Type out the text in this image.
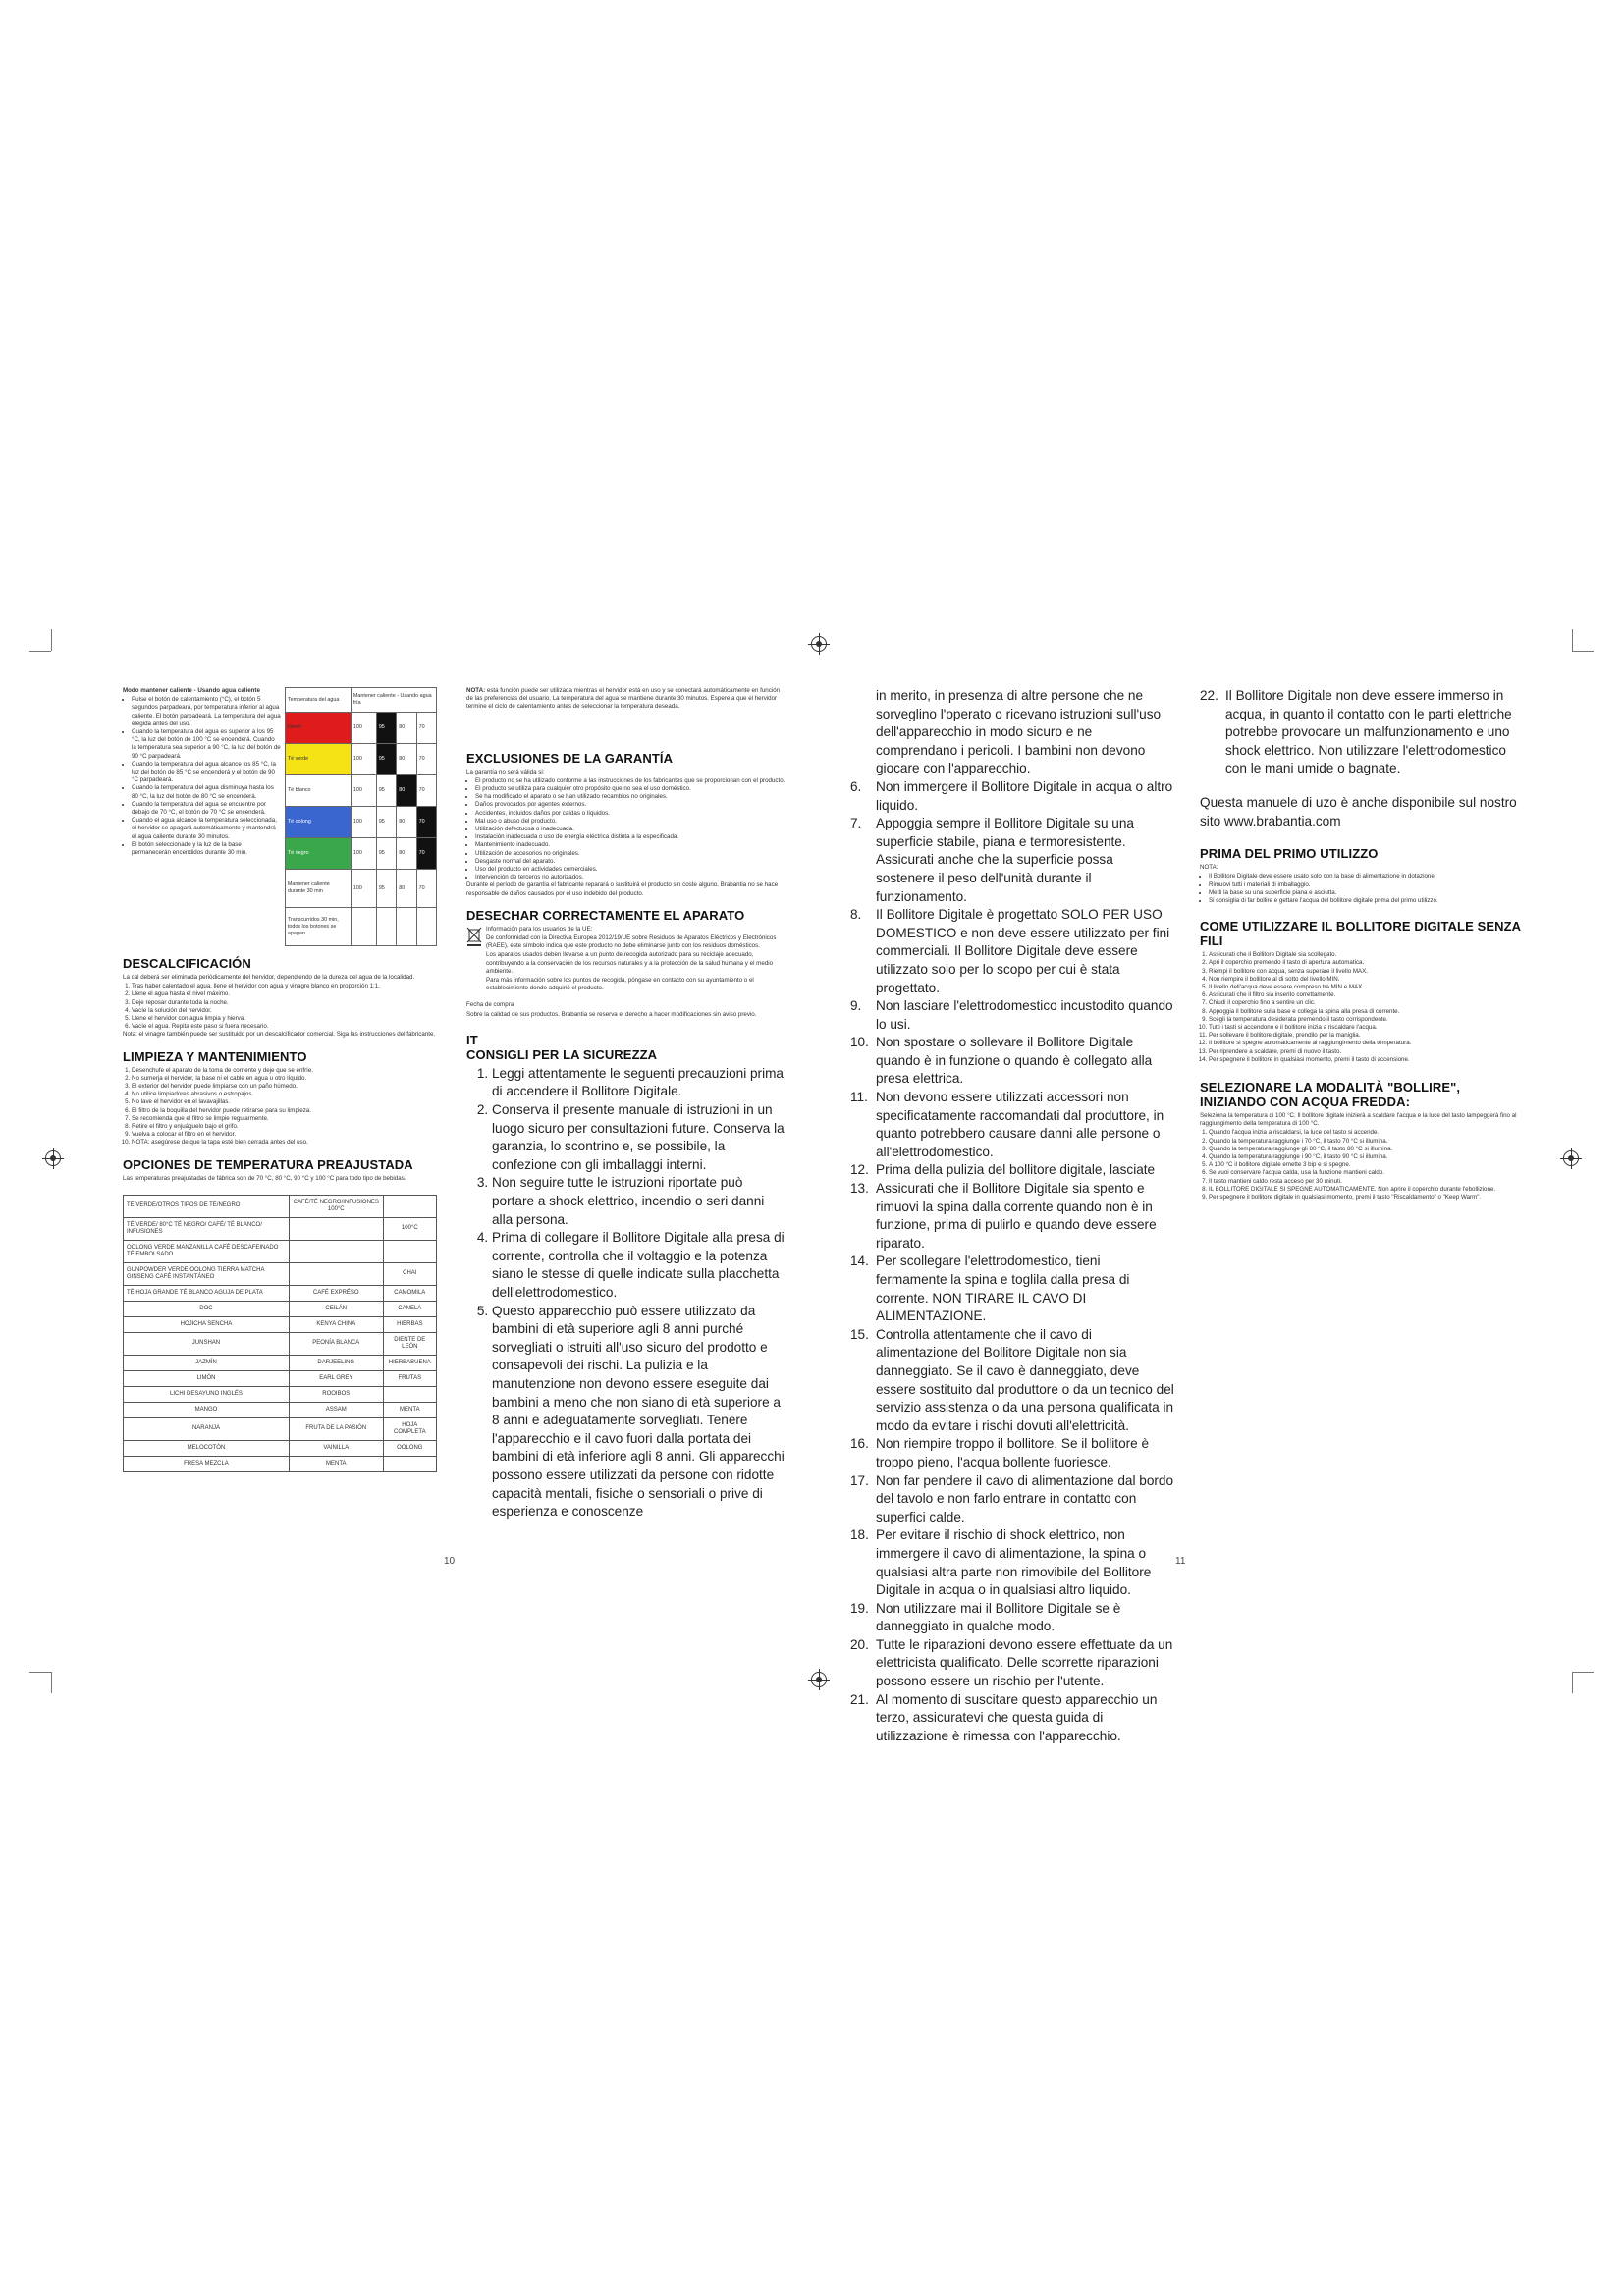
Modo mantener caliente - Usando agua caliente

• Pulse el botón de calentamiento (°C), el botón 5 segundos parpadeará, por temperatura inferior al agua caliente. El botón parpadeará. La temperatura del agua elegida antes del uso.
• Cuando la temperatura del agua es superior a los 95 °C, la luz del botón de 100 °C se encenderá. Cuando la temperatura sea superior a 90 °C, la luz del botón de 90 °C parpadeará.
• Cuando la temperatura del agua alcance los 85 °C, la luz del botón de 85 °C se encenderá y el botón de 90 °C parpadeará.
• Cuando la temperatura del agua disminuya hasta los 80 °C, la luz del botón de 80 °C se encenderá.
• Cuando la temperatura del agua se encuentre por debajo de 70 °C, el botón de 70 °C se encenderá.
• Cuando el agua alcance la temperatura seleccionada, el hervidor se apagará automáticamente y mantendrá el agua caliente durante 30 minutos.
• El botón seleccionado y la luz de la base permanecerán encendidos durante 30 min.
Temperatura del agua	Mantener caliente - Usando agua fría			
Hervir	100	95	80	70
Té verde	100	95	80	70
Té blanco	100	95	80	70
Té oolong	100	95	80	70
Té negro	100	95	80	70
Mantener caliente durante 30 min	100	95	80	70
Transcurridos 30 min, todos los botones se apagan				
DESCALCIFICACIÓN

La cal deberá ser eliminada periódicamente del hervidor, dependiendo de la dureza del agua de la localidad.

1. Tras haber calentado el agua, llene el hervidor con agua y vinagre blanco en proporción 1:1.
2. Llene el agua hasta el nivel máximo.
3. Deje reposar durante toda la noche.
4. Vacíe la solución del hervidor.
5. Llene el hervidor con agua limpia y hierva.
6. Vacíe el agua. Repita este paso si fuera necesario.

Nota: el vinagre también puede ser sustituido por un descalcificador comercial. Siga las instrucciones del fabricante.

LIMPIEZA Y MANTENIMIENTO
1. Desenchufe el aparato de la toma de corriente y deje que se enfríe.
2. No sumerja el hervidor, la base ni el cable en agua u otro líquido.
3. El exterior del hervidor puede limpiarse con un paño húmedo.
4. No utilice limpiadores abrasivos o estropajos.
5. No lave el hervidor en el lavavajillas.
6. El filtro de la boquilla del hervidor puede retirarse para su limpieza.
7. Se recomienda que el filtro se limpie regularmente.
8. Retire el filtro y enjuáguelo bajo el grifo.
9. Vuelva a colocar el filtro en el hervidor.
10. NOTA: asegúrese de que la tapa esté bien cerrada antes del uso.
OPCIONES DE TEMPERATURA PREAJUSTADA

Las temperaturas preajustadas de fábrica son de 70 °C, 80 °C, 90 °C y 100 °C para todo tipo de bebidas.

TÉ VERDE/OTROS TIPOS DE TÉ/NEGRO	CAFÉ/TÉ NEGRO/INFUSIONES 100°C	
TÉ VERDE/ 80°C TÉ NEGRO/ CAFÉ/ TÉ BLANCO/ INFUSIONES		100°C
OOLONG VERDE MANZANILLA CAFÉ DESCAFEINADO TÉ EMBOLSADO		
GUNPOWDER VERDE OOLONG TIERRA MATCHA GINSENG CAFÉ INSTANTÁNEO		CHAI
TÉ HOJA GRANDE TÉ BLANCO AGUJA DE PLATA	CAFÉ EXPRÉSO	CAMOMILA
DOC	CEILÁN	CANELA
HOJICHA SENCHA	KENYA CHINA	HIERBAS
JUNSHAN	PEONÍA BLANCA	DIENTE DE LEÓN
JAZMÍN	DARJEELING	HIERBABUENA
LIMÓN	EARL GREY	FRUTAS
LICHI DESAYUNO INGLÉS	ROOIBOS	
MANGO	ASSAM	MENTA
NARANJA	FRUTA DE LA PASIÓN	HOJA COMPLETA
MELOCOTÓN	VAINILLA	OOLONG
FRESA MEZCLA	MENTA	
10

NOTA: esta función puede ser utilizada mientras el hervidor está en uso y se conectará automáticamente en función de las preferencias del usuario. La temperatura del agua se mantiene durante 30 minutos. Espere a que el hervidor termine el ciclo de calentamiento antes de seleccionar la temperatura deseada.

EXCLUSIONES DE LA GARANTÍA

La garantía no será válida si:

• El producto no se ha utilizado conforme a las instrucciones de los fabricantes que se proporcionan con el producto.
• El producto se utiliza para cualquier otro propósito que no sea el uso doméstico.
• Se ha modificado el aparato o se han utilizado recambios no originales.
• Daños provocados por agentes externos.
• Accidentes, incluidos daños por caídas o líquidos.
• Mal uso o abuso del producto.
• Utilización defectuosa o inadecuada.
• Instalación inadecuada o uso de energía eléctrica distinta a la especificada.
• Mantenimiento inadecuado.
• Utilización de accesorios no originales.
• Desgaste normal del aparato.
• Uso del producto en actividades comerciales.
• Intervención de terceros no autorizados.

Durante el período de garantía el fabricante reparará o sustituirá el producto sin coste alguno. Brabantia no se hace responsable de daños causados por el uso indebido del producto.

DESECHAR CORRECTAMENTE EL APARATO

Información para los usuarios de la UE:

De conformidad con la Directiva Europea 2012/19/UE sobre Residuos de Aparatos Eléctricos y Electrónicos (RAEE), este símbolo indica que este producto no debe eliminarse junto con los residuos domésticos.

Los aparatos usados deben llevarse a un punto de recogida autorizado para su reciclaje adecuado, contribuyendo a la conservación de los recursos naturales y a la protección de la salud humana y el medio ambiente.

Para más información sobre los puntos de recogida, póngase en contacto con su ayuntamiento o el establecimiento donde adquirió el producto.

Fecha de compra

Sobre la calidad de sus productos. Brabantia se reserva el derecho a hacer modificaciones sin aviso previo.

IT
CONSIGLI PER LA SICUREZZA
1. Leggi attentamente le seguenti precauzioni prima di accendere il Bollitore Digitale.
2. Conserva il presente manuale di istruzioni in un luogo sicuro per consultazioni future. Conserva la garanzia, lo scontrino e, se possibile, la confezione con gli imballaggi interni.
3. Non seguire tutte le istruzioni riportate può portare a shock elettrico, incendio o seri danni alla persona.
4. Prima di collegare il Bollitore Digitale alla presa di corrente, controlla che il voltaggio e la potenza siano le stesse di quelle indicate sulla placchetta dell'elettrodomestico.
5. Questo apparecchio può essere utilizzato da bambini di età superiore agli 8 anni purché sorvegliati o istruiti all'uso sicuro del prodotto e consapevoli dei rischi. La pulizia e la manutenzione non devono essere eseguite dai bambini a meno che non siano di età superiore a 8 anni e adeguatamente sorvegliati. Tenere l'apparecchio e il cavo fuori dalla portata dei bambini di età inferiore agli 8 anni. Gli apparecchi possono essere utilizzati da persone con ridotte capacità mentali, fisiche o sensoriali o prive di esperienza e conoscenze

in merito, in presenza di altre persone che ne sorveglino l'operato o ricevano istruzioni sull'uso dell'apparecchio in modo sicuro e ne comprendano i pericoli. I bambini non devono giocare con l'apparecchio.

6.	Non immergere il Bollitore Digitale in acqua o altro liquido.
7.	Appoggia sempre il Bollitore Digitale su una superficie stabile, piana e termoresistente. Assicurati anche che la superficie possa sostenere il peso dell'unità durante il funzionamento.
8.	Il Bollitore Digitale è progettato SOLO PER USO DOMESTICO e non deve essere utilizzato per fini commerciali. Il Bollitore Digitale deve essere utilizzato solo per lo scopo per cui è stata progettato.
9.	Non lasciare l'elettrodomestico incustodito quando lo usi.
10. Non spostare o sollevare il Bollitore Digitale quando è in funzione o quando è collegato alla presa elettrica.
11. Non devono essere utilizzati accessori non specificatamente raccomandati dal produttore, in quanto potrebbero causare danni alle persone o all'elettrodomestico.
12. Prima della pulizia del bollitore digitale, lasciate
13. Assicurati che il Bollitore Digitale sia spento e rimuovi la spina dalla corrente quando non è in funzione, prima di pulirlo e quando deve essere riparato.
14. Per scollegare l'elettrodomestico, tieni fermamente la spina e toglila dalla presa di corrente. NON TIRARE IL CAVO DI ALIMENTAZIONE.
15. Controlla attentamente che il cavo di alimentazione del Bollitore Digitale non sia danneggiato. Se il cavo è danneggiato, deve essere sostituito dal produttore o da un tecnico del servizio assistenza o da una persona qualificata in modo da evitare i rischi dovuti all'elettricità.
16. Non riempire troppo il bollitore. Se il bollitore è troppo pieno, l'acqua bollente fuoriesce.
17. Non far pendere il cavo di alimentazione dal bordo del tavolo e non farlo entrare in contatto con superfici calde.
18. Per evitare il rischio di shock elettrico, non immergere il cavo di alimentazione, la spina o qualsiasi altra parte non rimovibile del Bollitore Digitale in acqua o in qualsiasi altro liquido.
19. Non utilizzare mai il Bollitore Digitale se è danneggiato in qualche modo.
20. Tutte le riparazioni devono essere effettuate da un elettricista qualificato. Delle scorrette riparazioni possono essere un rischio per l'utente.
21. Al momento di suscitare questo apparecchio un terzo, assicuratevi che questa guida di utilizzazione è rimessa con l'apparecchio.
11
22. Il Bollitore Digitale non deve essere immerso in acqua, in quanto il contatto con le parti elettriche potrebbe provocare un malfunzionamento e uno shock elettrico. Non utilizzare l'elettrodomestico con le mani umide o bagnate.

Questa manuele di uzo è anche disponibile sul nostro sito www.brabantia.com

PRIMA DEL PRIMO UTILIZZO

NOTA:

• Il Bollitore Digitale deve essere usato solo con la base di alimentazione in dotazione.
• Rimuovi tutti i materiali di imballaggio.
• Metti la base su una superficie piana e asciutta.
• Si consiglia di far bollire e gettare l'acqua del bollitore digitale prima del primo utilizzo.
COME UTILIZZARE IL BOLLITORE DIGITALE SENZA FILI
1. Assicurati che il Bollitore Digitale sia scollegato.
2. Apri il coperchio premendo il tasto di apertura automatica.
3. Riempi il bollitore con acqua, senza superare il livello MAX.
4. Non riempire il bollitore al di sotto del livello MIN.
5. Il livello dell'acqua deve essere compreso tra MIN e MAX.
6. Assicurati che il filtro sia inserito correttamente.
7. Chiudi il coperchio fino a sentire un clic.
8. Appoggia il bollitore sulla base e collega la spina alla presa di corrente.
9. Scegli la temperatura desiderata premendo il tasto corrispondente.
10. Tutti i tasti si accendono e il bollitore inizia a riscaldare l'acqua.
11. Per sollevare il bollitore digitale, prendilo per la maniglia.
12. Il bollitore si spegne automaticamente al raggiungimento della temperatura.
13. Per riprendere a scaldare, premi di nuovo il tasto.
14. Per spegnere il bollitore in qualsiasi momento, premi il tasto di accensione.
SELEZIONARE LA MODALITÀ "BOLLIRE", INIZIANDO CON ACQUA FREDDA:

Seleziona la temperatura di 100 °C. Il bollitore digitale inizierà a scaldare l'acqua e la luce del tasto lampeggerà fino al raggiungimento della temperatura di 100 °C.

1. Quando l'acqua inizia a riscaldarsi, la luce del tasto si accende.
2. Quando la temperatura raggiunge i 70 °C, il tasto 70 °C si illumina.
3. Quando la temperatura raggiunge gli 80 °C, il tasto 80 °C si illumina.
4. Quando la temperatura raggiunge i 90 °C, il tasto 90 °C si illumina.
5. A 100 °C il bollitore digitale emette 3 bip e si spegne.
6. Se vuoi conservare l'acqua calda, usa la funzione mantieni caldo.
7. Il tasto mantieni caldo resta acceso per 30 minuti.
8. IL BOLLITORE DIGITALE SI SPEGNE AUTOMATICAMENTE. Non aprire il coperchio durante l'ebollizione.
9. Per spegnere il bollitore digitale in qualsiasi momento, premi il tasto "Riscaldamento" o "Keep Warm".
